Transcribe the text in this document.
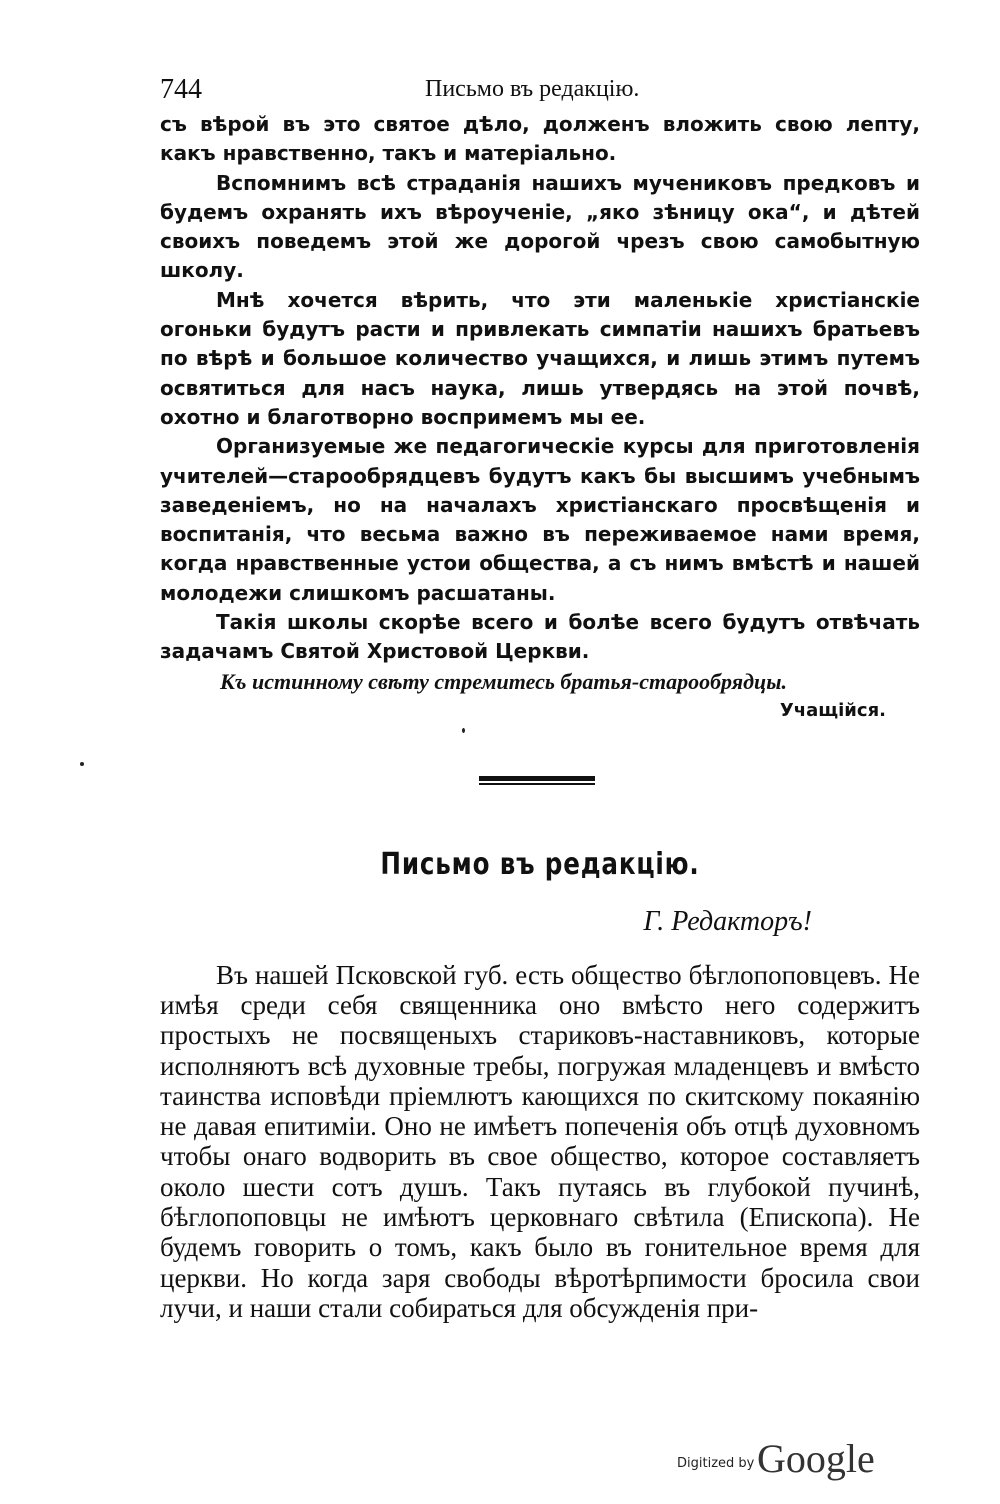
744	Письмо въ редакцію.

съ вѣрой въ это святое дѣло, долженъ вложить свою лепту, какъ нравственно, такъ и матеріально.

Вспомнимъ всѣ страданія нашихъ мучениковъ предковъ и будемъ охранять ихъ вѣроученіе, „яко зѣницу ока“, и дѣтей своихъ поведемъ этой же дорогой чрезъ свою самобытную школу.

Мнѣ хочется вѣрить, что эти маленькіе христіанскіе огоньки будутъ расти и привлекать симпатіи нашихъ братьевъ по вѣрѣ и большое количество учащихся, и лишь этимъ путемъ освятиться для насъ наука, лишь утвердясь на этой почвѣ, охотно и благотворно воспримемъ мы ее.

Организуемые же педагогическіе курсы для приготовленія учителей—старообрядцевъ будутъ какъ бы высшимъ учебнымъ заведеніемъ, но на началахъ христіанскаго просвѣщенія и воспитанія, что весьма важно въ переживаемое нами время, когда нравственные устои общества, а съ нимъ вмѣстѣ и нашей молодежи слишкомъ расшатаны.

Такія школы скорѣе всего и болѣе всего будутъ отвѣчать задачамъ Святой Христовой Церкви.

Къ истинному свѣту стремитесь братья-старообрядцы.
Учащійся.
Письмо въ редакцію.
Г. Редакторъ!

Въ нашей Псковской губ. есть общество бѣглопоповцевъ. Не имѣя среди себя священника оно вмѣсто него содержитъ простыхъ не посвященыхъ стариковъ-наставниковъ, которые исполняютъ всѣ духовные требы, погружая младенцевъ и вмѣсто таинства исповѣди пріемлютъ кающихся по скитскому покаянію не давая епитиміи. Оно не имѣетъ попеченія объ отцѣ духовномъ чтобы онаго водворить въ свое общество, которое составляетъ около шести сотъ душъ. Такъ путаясь въ глубокой пучинѣ, бѣглопоповцы не имѣютъ церковнаго свѣтила (Епископа). Не будемъ говорить о томъ, какъ было въ гонительное время для церкви. Но когда заря свободы вѣротѣрпимости бросила свои лучи, и наши стали собираться для обсужденія при-

Digitized by Google
